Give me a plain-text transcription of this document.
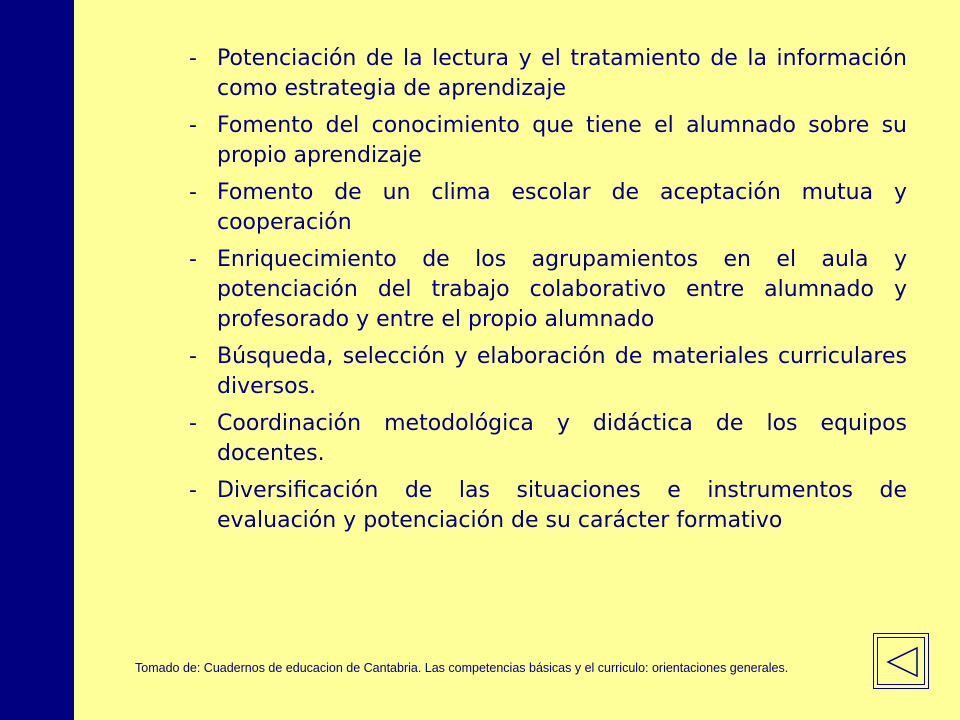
- Potenciación de la lectura y el tratamiento de la información como estrategia de aprendizaje

- Fomento del conocimiento que tiene el alumnado sobre su propio aprendizaje

- Fomento de un clima escolar de aceptación mutua y cooperación

- Enriquecimiento de los agrupamientos en el aula y potenciación del trabajo colaborativo entre alumnado y profesorado y entre el propio alumnado

- Búsqueda, selección y elaboración de materiales curriculares diversos.

- Coordinación metodológica y didáctica de los equipos docentes.

- Diversificación de las situaciones e instrumentos de evaluación y potenciación de su carácter formativo

Tomado de: Cuadernos de educacion de Cantabria. Las competencias básicas y el curriculo: orientaciones generales.
